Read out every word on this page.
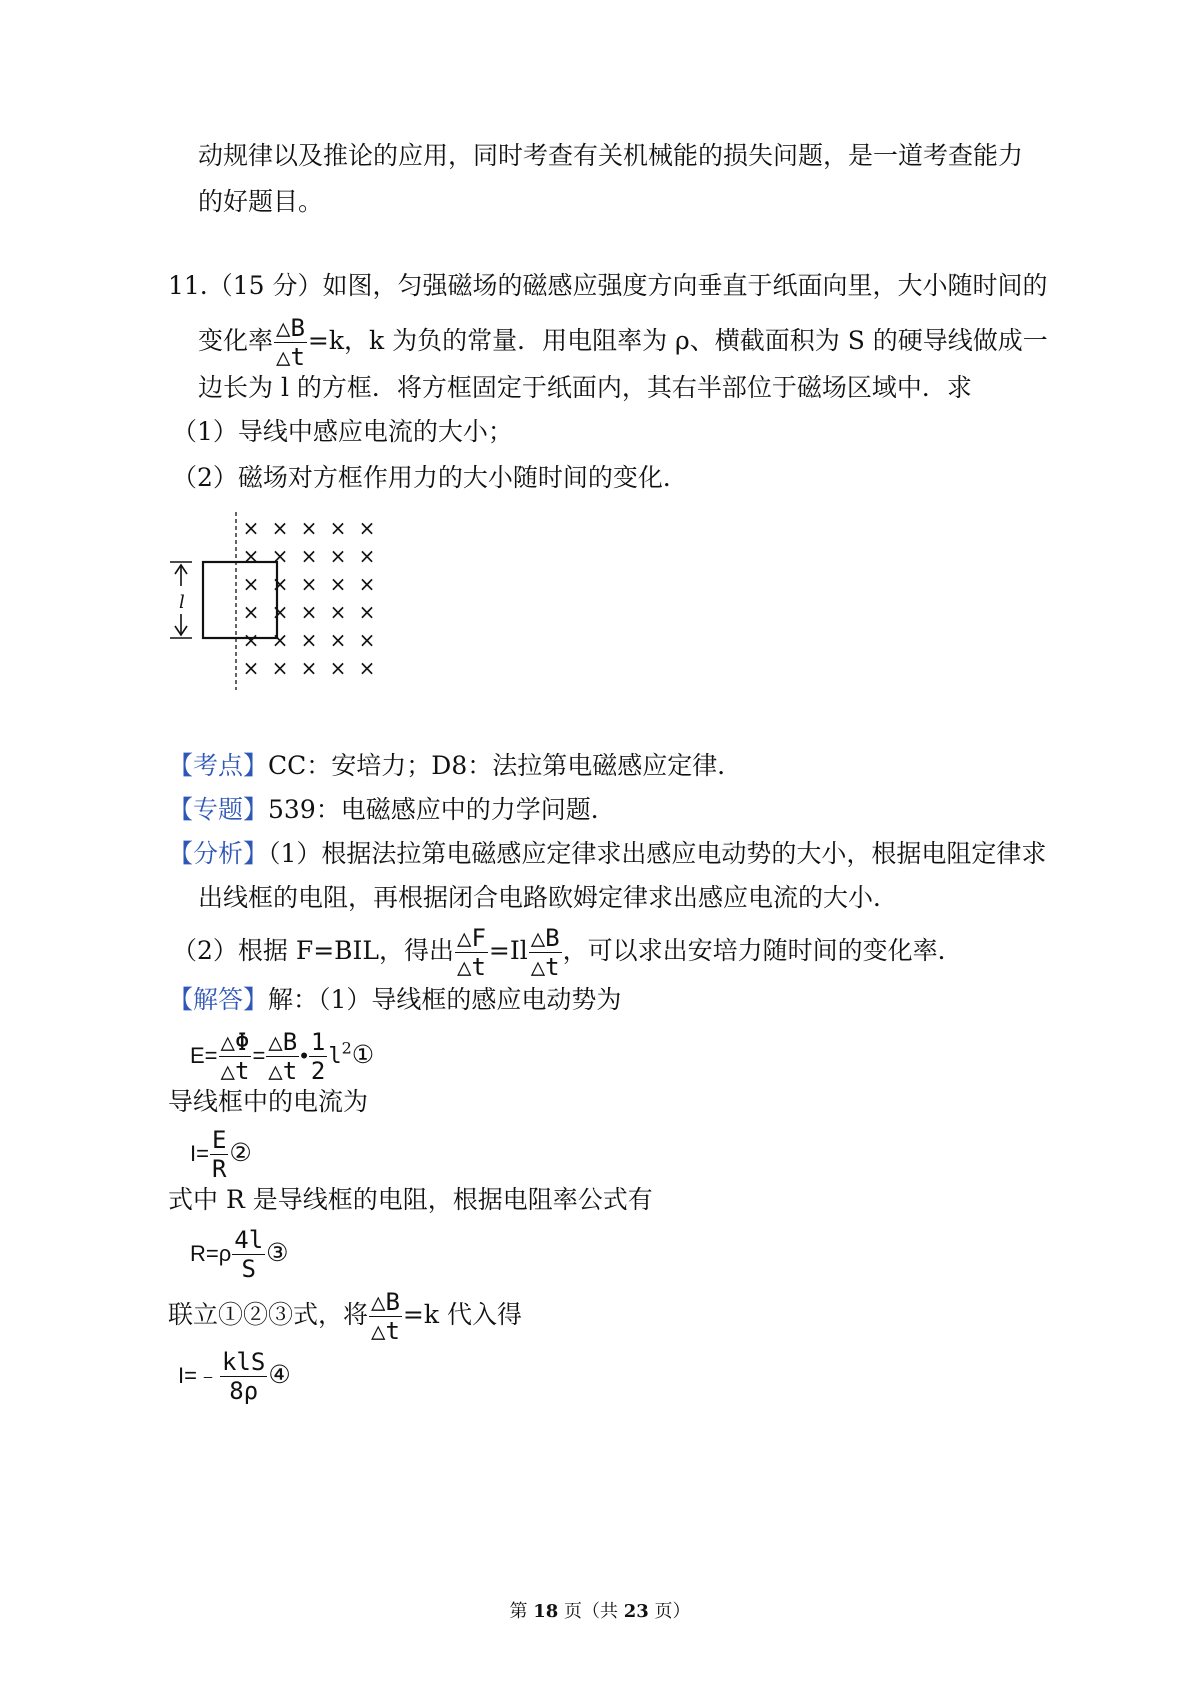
动规律以及推论的应用，同时考查有关机械能的损失问题，是一道考查能力
的好题目。
11.（15 分）如图，匀强磁场的磁感应强度方向垂直于纸面向里，大小随时间的
变化率 $\frac{\triangle B}{\triangle t} =k$，k 为负的常量．用电阻率为 ρ、横截面积为 S 的硬导线做成一
边长为 l 的方框．将方框固定于纸面内，其右半部位于磁场区域中．求
（1）导线中感应电流的大小；
（2）磁场对方框作用力的大小随时间的变化．
l
× × × × ×
× × × × ×
× × × × ×
× × × × ×
× × × × ×
× × × × ×
【考点】CC：安培力；D8：法拉第电磁感应定律．
【专题】539：电磁感应中的力学问题．
【分析】（1）根据法拉第电磁感应定律求出感应电动势的大小，根据电阻定律求
出线框的电阻，再根据闭合电路欧姆定律求出感应电流的大小．
（2）根据 F=BIL，得出 $\frac{\triangle F}{\triangle t} =Il \frac{\triangle B}{\triangle t}$ ，可以求出安培力随时间的变化率．
【解答】解：（1）导线框的感应电动势为
$E= \frac{\triangle\Phi}{\triangle t} = \frac{\triangle B}{\triangle t}$ • $\frac{1}{2}$ $l^2①$
导线框中的电流为
$I= \frac{E}{R}$ ②
式中 R 是导线框的电阻，根据电阻率公式有
$R=\rho \frac{4l}{S}$ ③
联立①②③式，将 $\frac{\triangle B}{\triangle t} =k$ 代入得
I=﹣ $\frac{\text{klS}}{8\rho}$ ④
第 18 页（共 23 页）
